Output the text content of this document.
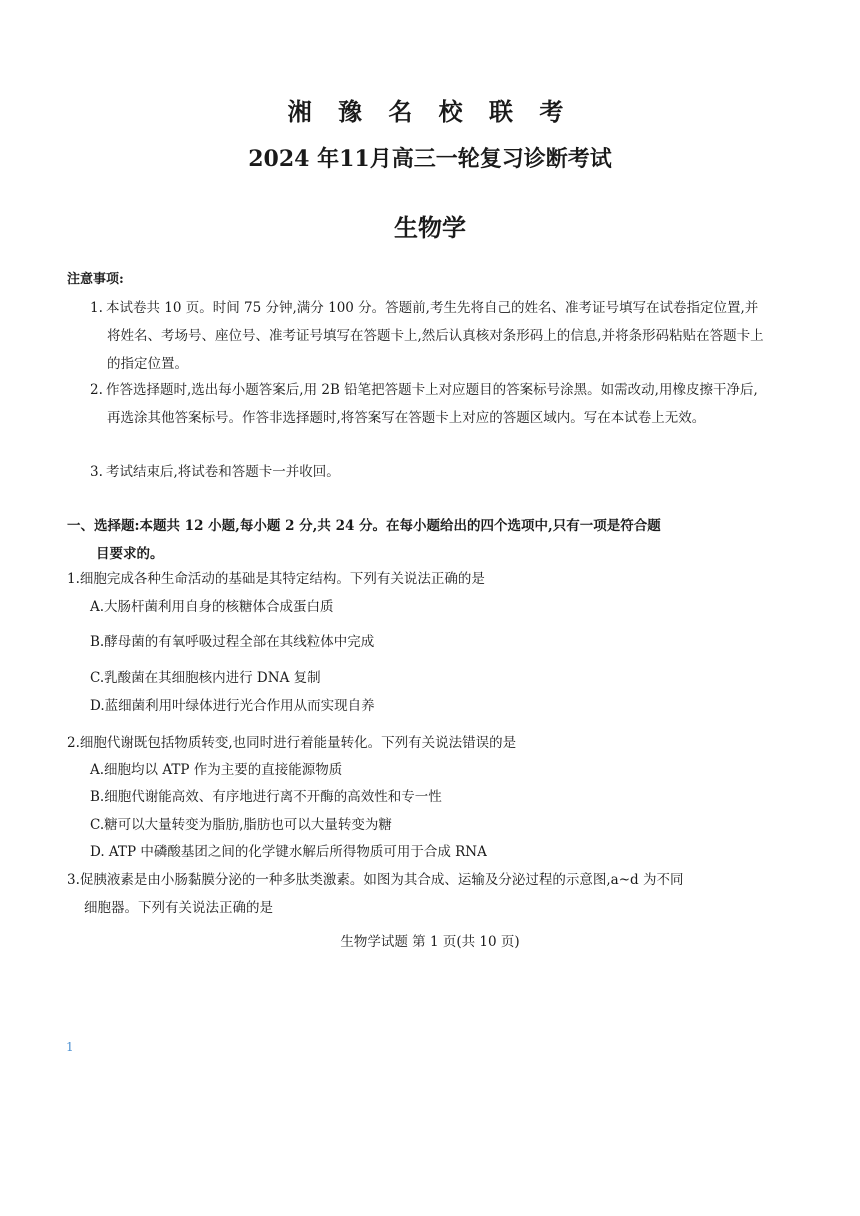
湘 豫 名 校 联 考
2024 年11月高三一轮复习诊断考试
生物学
注意事项:
1. 本试卷共 10 页。时间 75 分钟,满分 100 分。答题前,考生先将自己的姓名、准考证号填写在试卷指定位置,并将姓名、考场号、座位号、准考证号填写在答题卡上,然后认真核对条形码上的信息,并将条形码粘贴在答题卡上的指定位置。
2. 作答选择题时,选出每小题答案后,用 2B 铅笔把答题卡上对应题目的答案标号涂黑。如需改动,用橡皮擦干净后,再选涂其他答案标号。作答非选择题时,将答案写在答题卡上对应的答题区域内。写在本试卷上无效。
3. 考试结束后,将试卷和答题卡一并收回。
一、选择题:本题共 12 小题,每小题 2 分,共 24 分。在每小题给出的四个选项中,只有一项是符合题
目要求的。
1.细胞完成各种生命活动的基础是其特定结构。下列有关说法正确的是
A.大肠杆菌利用自身的核糖体合成蛋白质
B.酵母菌的有氧呼吸过程全部在其线粒体中完成
C.乳酸菌在其细胞核内进行 DNA 复制
D.蓝细菌利用叶绿体进行光合作用从而实现自养
2.细胞代谢既包括物质转变,也同时进行着能量转化。下列有关说法错误的是
A.细胞均以 ATP 作为主要的直接能源物质
B.细胞代谢能高效、有序地进行离不开酶的高效性和专一性
C.糖可以大量转变为脂肪,脂肪也可以大量转变为糖
D. ATP 中磷酸基团之间的化学键水解后所得物质可用于合成 RNA
3.促胰液素是由小肠黏膜分泌的一种多肽类激素。如图为其合成、运输及分泌过程的示意图,a~d 为不同
细胞器。下列有关说法正确的是
生物学试题 第 1 页(共 10 页)
1
